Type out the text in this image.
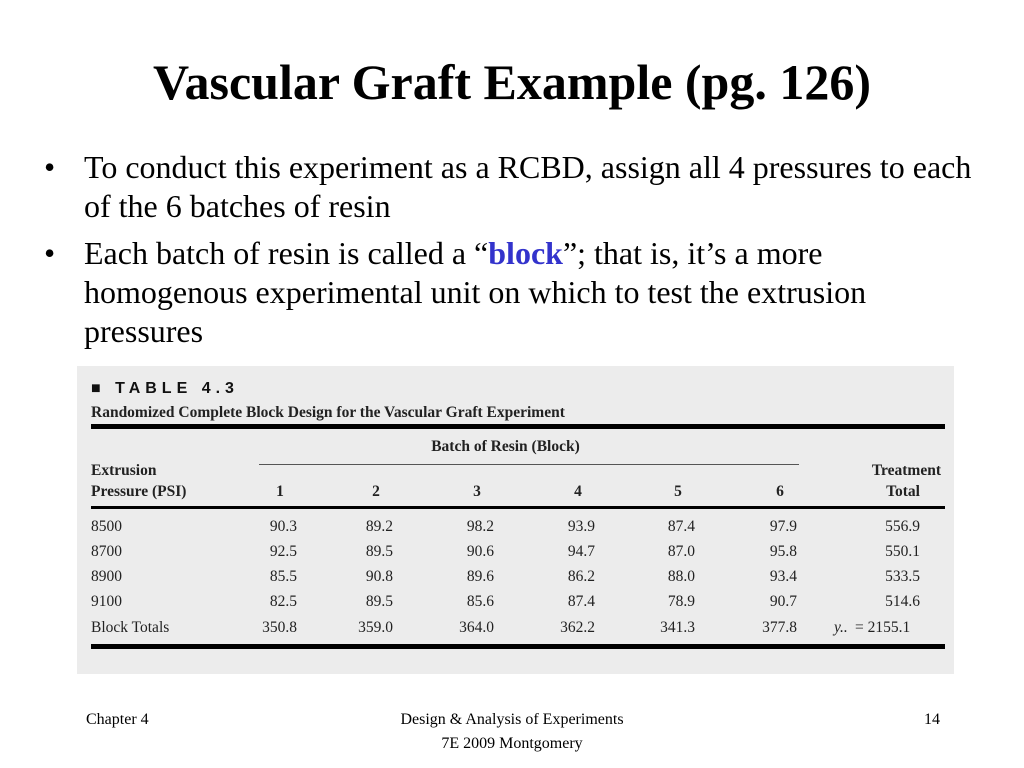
Vascular Graft Example (pg. 126)
• To conduct this experiment as a RCBD, assign all 4 pressures to each of the 6 batches of resin
• Each batch of resin is called a “block”; that is, it’s a more homogenous experimental unit on which to test the extrusion pressures
■ TABLE 4.3
Randomized Complete Block Design for the Vascular Graft Experiment
Batch of Resin (Block)
Extrusion
Pressure (PSI)
Treatment
Total
1	2	3	4	5	6
8500	90.3	89.2	98.2	93.9	87.4	97.9	556.9
8700	92.5	89.5	90.6	94.7	87.0	95.8	550.1
8900	85.5	90.8	89.6	86.2	88.0	93.4	533.5
9100	82.5	89.5	85.6	87.4	78.9	90.7	514.6
Block Totals	350.8	359.0	364.0	362.2	341.3	377.8 y.. = 2155.1
Chapter 4	Design & Analysis of Experiments
7E 2009 Montgomery
14
